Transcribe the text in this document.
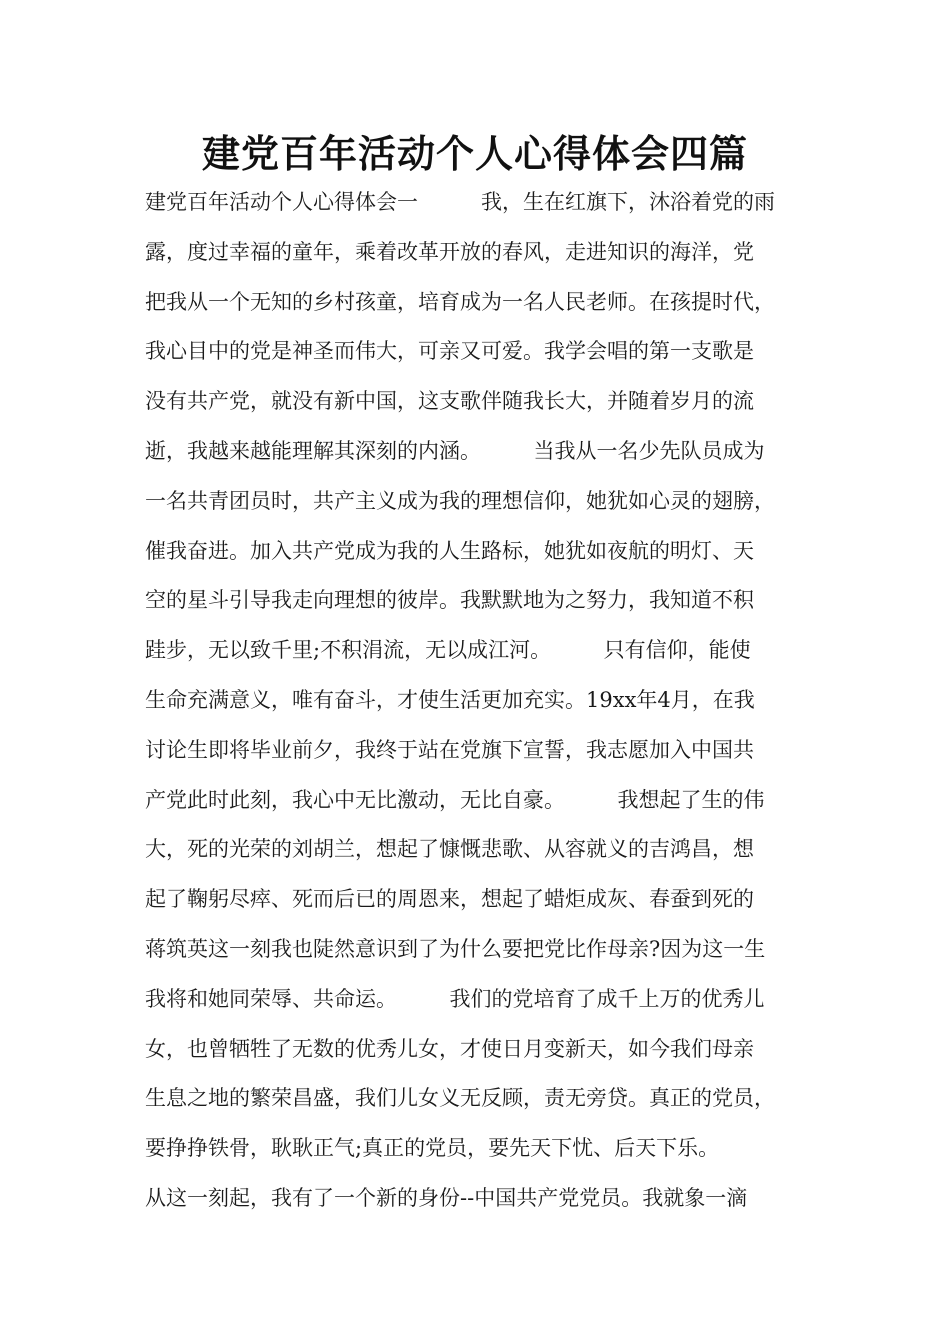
建党百年活动个人心得体会四篇
建党百年活动个人心得体会一　　　我，生在红旗下，沐浴着党的雨
露，度过幸福的童年，乘着改革开放的春风，走进知识的海洋，党
把我从一个无知的乡村孩童，培育成为一名人民老师。在孩提时代，
我心目中的党是神圣而伟大，可亲又可爱。我学会唱的第一支歌是
没有共产党，就没有新中国，这支歌伴随我长大，并随着岁月的流
逝，我越来越能理解其深刻的内涵。　　　当我从一名少先队员成为
一名共青团员时，共产主义成为我的理想信仰，她犹如心灵的翅膀，
催我奋进。加入共产党成为我的人生路标，她犹如夜航的明灯、天
空的星斗引导我走向理想的彼岸。我默默地为之努力，我知道不积
跬步，无以致千里;不积涓流，无以成江河。　　　只有信仰，能使
生命充满意义，唯有奋斗，才使生活更加充实。19xx年4月，在我
讨论生即将毕业前夕，我终于站在党旗下宣誓，我志愿加入中国共
产党此时此刻，我心中无比激动，无比自豪。　　　我想起了生的伟
大，死的光荣的刘胡兰，想起了慷慨悲歌、从容就义的吉鸿昌，想
起了鞠躬尽瘁、死而后已的周恩来，想起了蜡炬成灰、春蚕到死的
蒋筑英这一刻我也陡然意识到了为什么要把党比作母亲?因为这一生
我将和她同荣辱、共命运。　　　我们的党培育了成千上万的优秀儿
女，也曾牺牲了无数的优秀儿女，才使日月变新天，如今我们母亲
生息之地的繁荣昌盛，我们儿女义无反顾，责无旁贷。真正的党员，
要挣挣铁骨，耿耿正气;真正的党员，要先天下忧、后天下乐。
从这一刻起，我有了一个新的身份--中国共产党党员。我就象一滴
